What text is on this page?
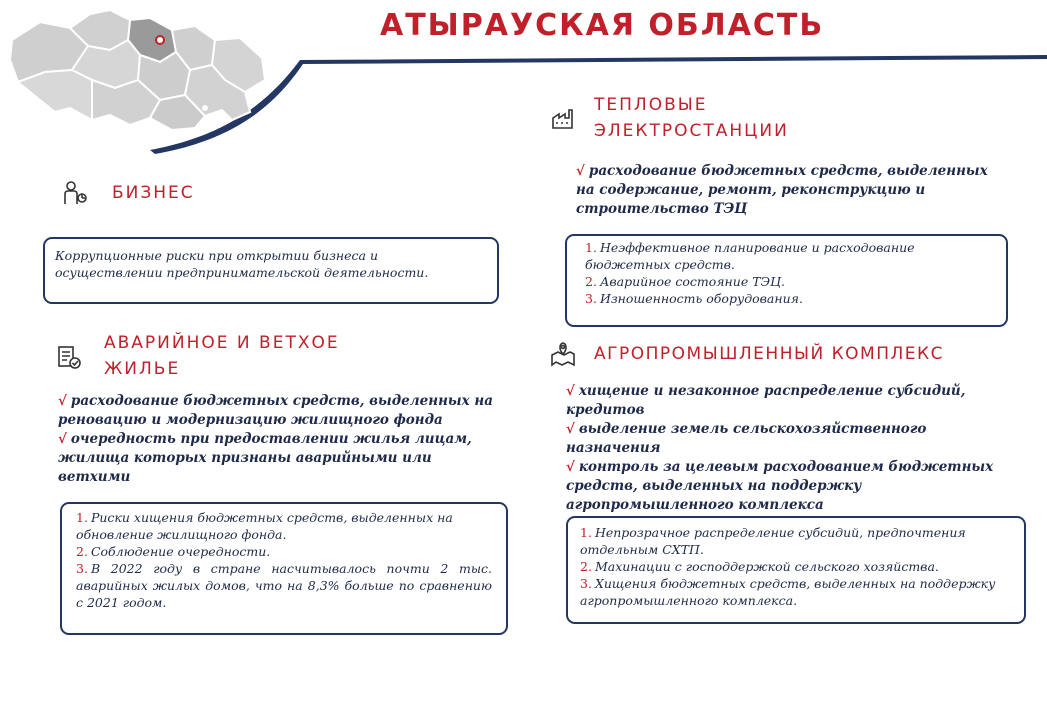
АТЫРАУСКАЯ ОБЛАСТЬ
БИЗНЕС
Коррупционные риски при открытии бизнеса и осуществлении предпринимательской деятельности.
АВАРИЙНОЕ И ВЕТХОЕ
ЖИЛЬЕ
√ расходование бюджетных средств, выделенных на реновацию и модернизацию жилищного фонда
√ очередность при предоставлении жилья лицам, жилища которых признаны аварийными или ветхими
1. Риски хищения бюджетных средств, выделенных на обновление жилищного фонда.
2. Соблюдение очередности.
3. В 2022 году в стране насчитывалось почти 2 тыс. аварийных жилых домов, что на 8,3% больше по сравнению с 2021 годом.
ТЕПЛОВЫЕ
ЭЛЕКТРОСТАНЦИИ
√ расходование бюджетных средств, выделенных на содержание, ремонт, реконструкцию и строительство ТЭЦ
1. Неэффективное планирование и расходование бюджетных средств.
2. Аварийное состояние ТЭЦ.
3. Изношенность оборудования.
АГРОПРОМЫШЛЕННЫЙ КОМПЛЕКС
√ хищение и незаконное распределение субсидий, кредитов
√ выделение земель сельскохозяйственного назначения
√ контроль за целевым расходованием бюджетных средств, выделенных на поддержку агропромышленного комплекса
1. Непрозрачное распределение субсидий, предпочтения отдельным СХТП.
2. Махинации с господдержкой сельского хозяйства.
3. Хищения бюджетных средств, выделенных на поддержку агропромышленного комплекса.
